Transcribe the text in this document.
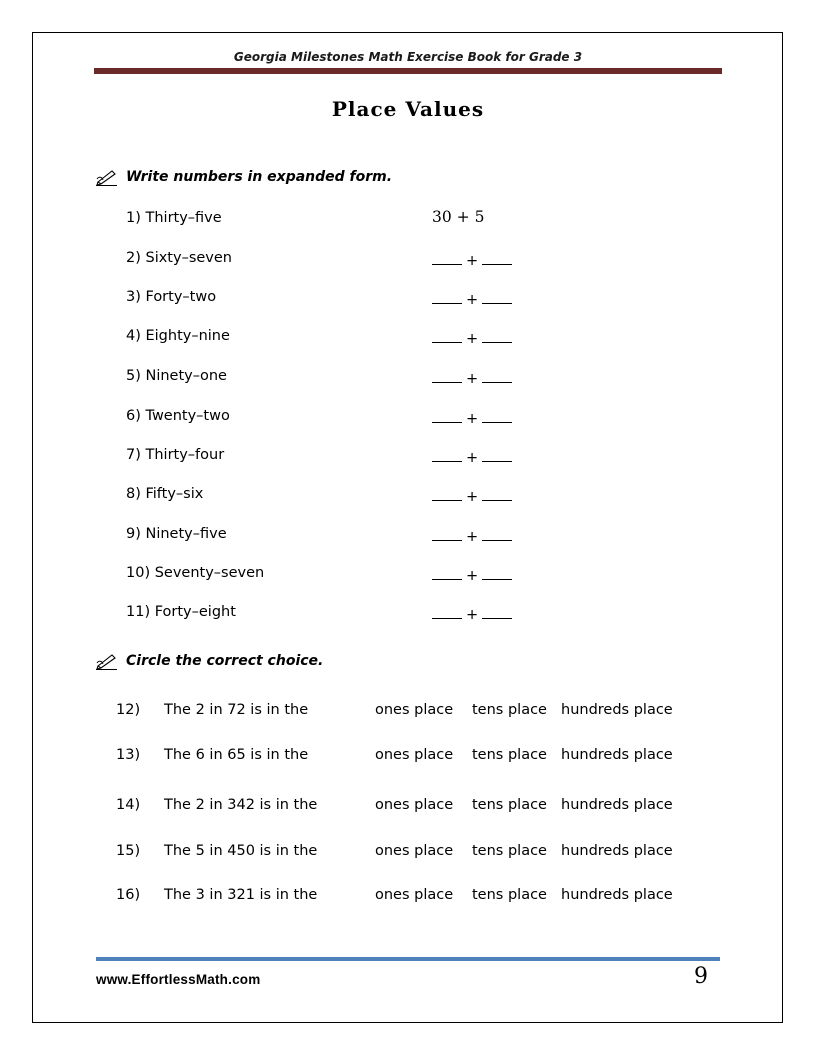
Georgia Milestones Math Exercise Book for Grade 3
Place Values
Write numbers in expanded form.
1) Thirty–five	30 + 5
2) Sixty–seven	+
3) Forty–two	+
4) Eighty–nine	+
5) Ninety–one	+
6) Twenty–two	+
7) Thirty–four	+
8) Fifty–six	+
9) Ninety–five	+
10) Seventy–seven	+
11) Forty–eight	+
Circle the correct choice.
12) The 2 in 72 is in the	ones place tens place hundreds place
13) The 6 in 65 is in the	ones place tens place hundreds place
14) The 2 in 342 is in the	ones place tens place hundreds place
15) The 5 in 450 is in the	ones place tens place hundreds place
16) The 3 in 321 is in the	ones place tens place hundreds place
www.EffortlessMath.com	9
